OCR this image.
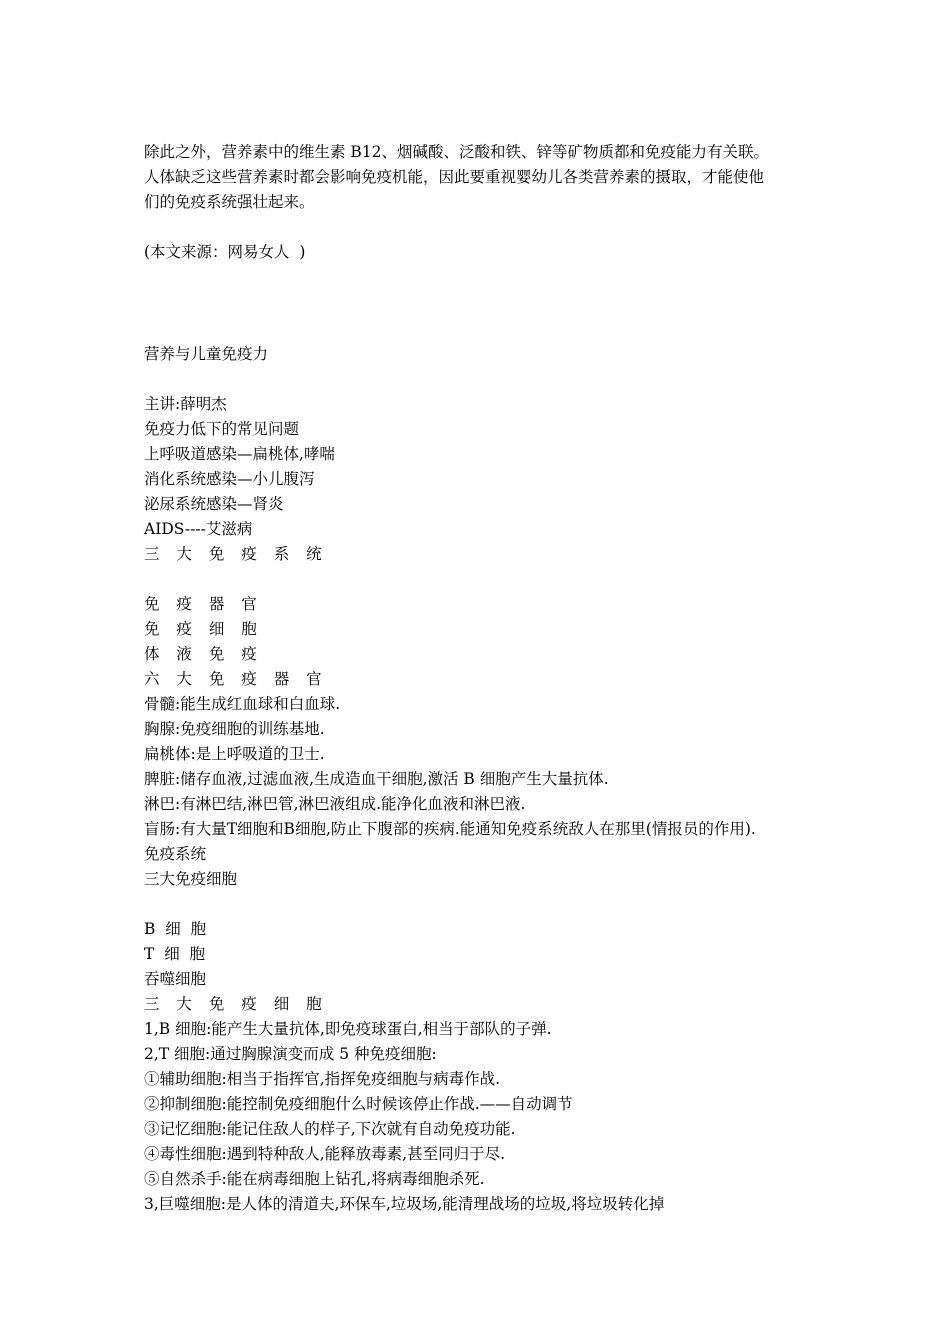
除此之外，营养素中的维生素 B12、烟碱酸、泛酸和铁、锌等矿物质都和免疫能力有关联。
人体缺乏这些营养素时都会影响免疫机能，因此要重视婴幼儿各类营养素的摄取，才能使他
们的免疫系统强壮起来。
(本文来源：网易女人  )
营养与儿童免疫力
主讲:薛明杰
免疫力低下的常见问题
上呼吸道感染—扁桃体,哮喘
消化系统感染—小儿腹泻
泌尿系统感染—肾炎
AIDS----艾滋病
三 大 免 疫 系 统
免 疫 器 官
免 疫 细 胞
体 液 免 疫
六 大 免 疫 器 官
骨髓:能生成红血球和白血球.
胸腺:免疫细胞的训练基地.
扁桃体:是上呼吸道的卫士.
脾脏:储存血液,过滤血液,生成造血干细胞,激活 B 细胞产生大量抗体.
淋巴:有淋巴结,淋巴管,淋巴液组成.能净化血液和淋巴液.
盲肠:有大量T细胞和B细胞,防止下腹部的疾病.能通知免疫系统敌人在那里(情报员的作用).
免疫系统
三大免疫细胞
B  细  胞
T  细  胞
吞噬细胞
三 大 免 疫 细 胞
1,B 细胞:能产生大量抗体,即免疫球蛋白,相当于部队的子弹.
2,T 细胞:通过胸腺演变而成 5 种免疫细胞:
①辅助细胞:相当于指挥官,指挥免疫细胞与病毒作战.
②抑制细胞:能控制免疫细胞什么时候该停止作战.——自动调节
③记忆细胞:能记住敌人的样子,下次就有自动免疫功能.
④毒性细胞:遇到特种敌人,能释放毒素,甚至同归于尽.
⑤自然杀手:能在病毒细胞上钻孔,将病毒细胞杀死.
3,巨噬细胞:是人体的清道夫,环保车,垃圾场,能清理战场的垃圾,将垃圾转化掉
